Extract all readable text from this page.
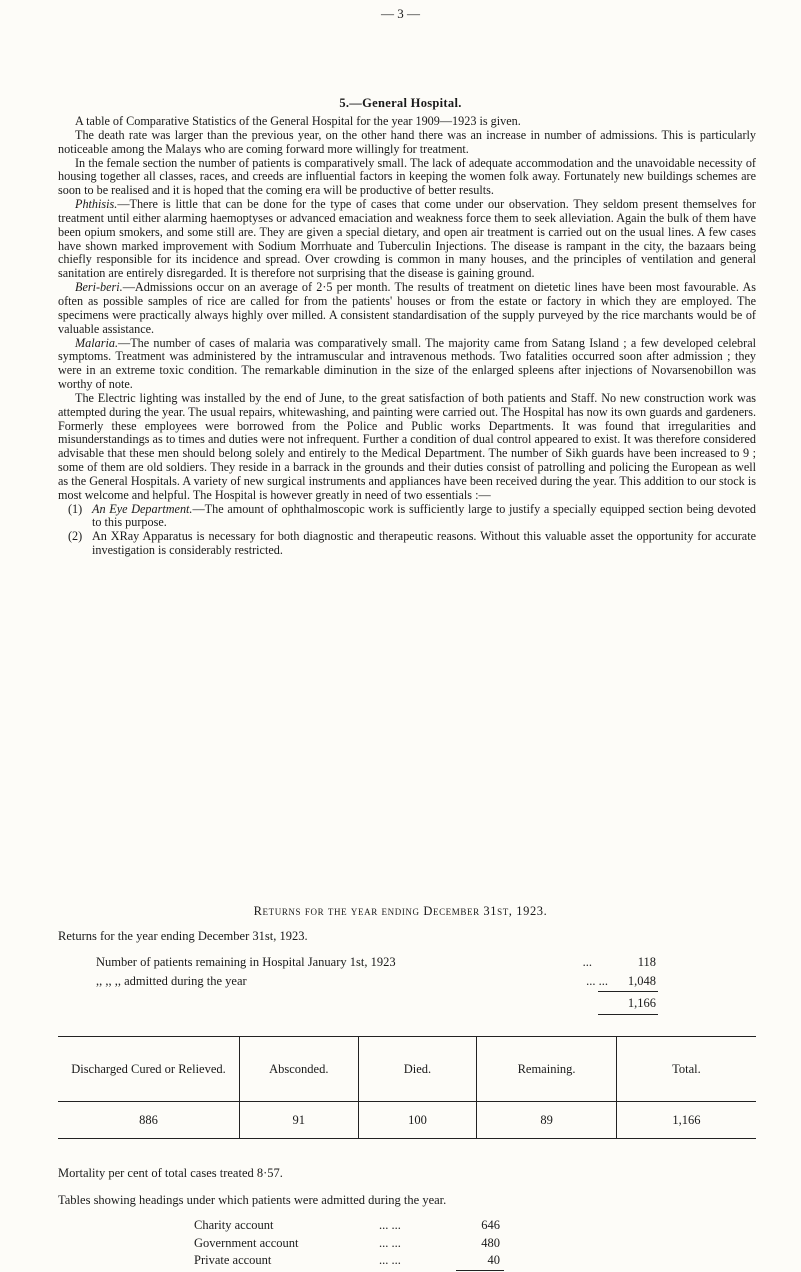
— 3 —
5.—General Hospital.

A table of Comparative Statistics of the General Hospital for the year 1909—1923 is given.

The death rate was larger than the previous year, on the other hand there was an increase in number of admissions. This is particularly noticeable among the Malays who are coming forward more willingly for treatment.

In the female section the number of patients is comparatively small. The lack of adequate accommodation and the unavoidable necessity of housing together all classes, races, and creeds are influential factors in keeping the women folk away. Fortunately new buildings schemes are soon to be realised and it is hoped that the coming era will be productive of better results.

Phthisis.—There is little that can be done for the type of cases that come under our observation. They seldom present themselves for treatment until either alarming haemoptyses or advanced emaciation and weakness force them to seek alleviation. Again the bulk of them have been opium smokers, and some still are. They are given a special dietary, and open air treatment is carried out on the usual lines. A few cases have shown marked improvement with Sodium Morrhuate and Tuberculin Injections. The disease is rampant in the city, the bazaars being chiefly responsible for its incidence and spread. Over crowding is common in many houses, and the principles of ventilation and general sanitation are entirely disregarded. It is therefore not surprising that the disease is gaining ground.

Beri-beri.—Admissions occur on an average of 2·5 per month. The results of treatment on dietetic lines have been most favourable. As often as possible samples of rice are called for from the patients' houses or from the estate or factory in which they are employed. The specimens were practically always highly over milled. A consistent standardisation of the supply purveyed by the rice marchants would be of valuable assistance.

Malaria.—The number of cases of malaria was comparatively small. The majority came from Satang Island ; a few developed celebral symptoms. Treatment was administered by the intramuscular and intravenous methods. Two fatalities occurred soon after admission ; they were in an extreme toxic condition. The remarkable diminution in the size of the enlarged spleens after injections of Novarsenobillon was worthy of note.

The Electric lighting was installed by the end of June, to the great satisfaction of both patients and Staff. No new construction work was attempted during the year. The usual repairs, whitewashing, and painting were carried out. The Hospital has now its own guards and gardeners. Formerly these employees were borrowed from the Police and Public works Departments. It was found that irregularities and misunderstandings as to times and duties were not infrequent. Further a condition of dual control appeared to exist. It was therefore considered advisable that these men should belong solely and entirely to the Medical Department. The number of Sikh guards have been increased to 9 ; some of them are old soldiers. They reside in a barrack in the grounds and their duties consist of patrolling and policing the European as well as the General Hospitals. A variety of new surgical instruments and appliances have been received during the year. This addition to our stock is most welcome and helpful. The Hospital is however greatly in need of two essentials :—

(1) An Eye Department.—The amount of ophthalmoscopic work is sufficiently large to justify a specially equipped section being devoted to this purpose.

(2) An XRay Apparatus is necessary for both diagnostic and therapeutic reasons. Without this valuable asset the opportunity for accurate investigation is considerably restricted.

Returns for the year ending December 31st, 1923.
Returns for the year ending December 31st, 1923.
Number of patients remaining in Hospital January 1st, 1923	...	118
,, ,, ,, admitted during the year	... ... 1,048
1,166
Discharged Cured or Relieved.	Absconded.	Died.	Remaining.	Total.
886	91	100	89	1,166
Mortality per cent of total cases treated 8·57.
Tables showing headings under which patients were admitted during the year.
Charity account	... ...	646
Government account	... ...	480
Private account	... ...	40
